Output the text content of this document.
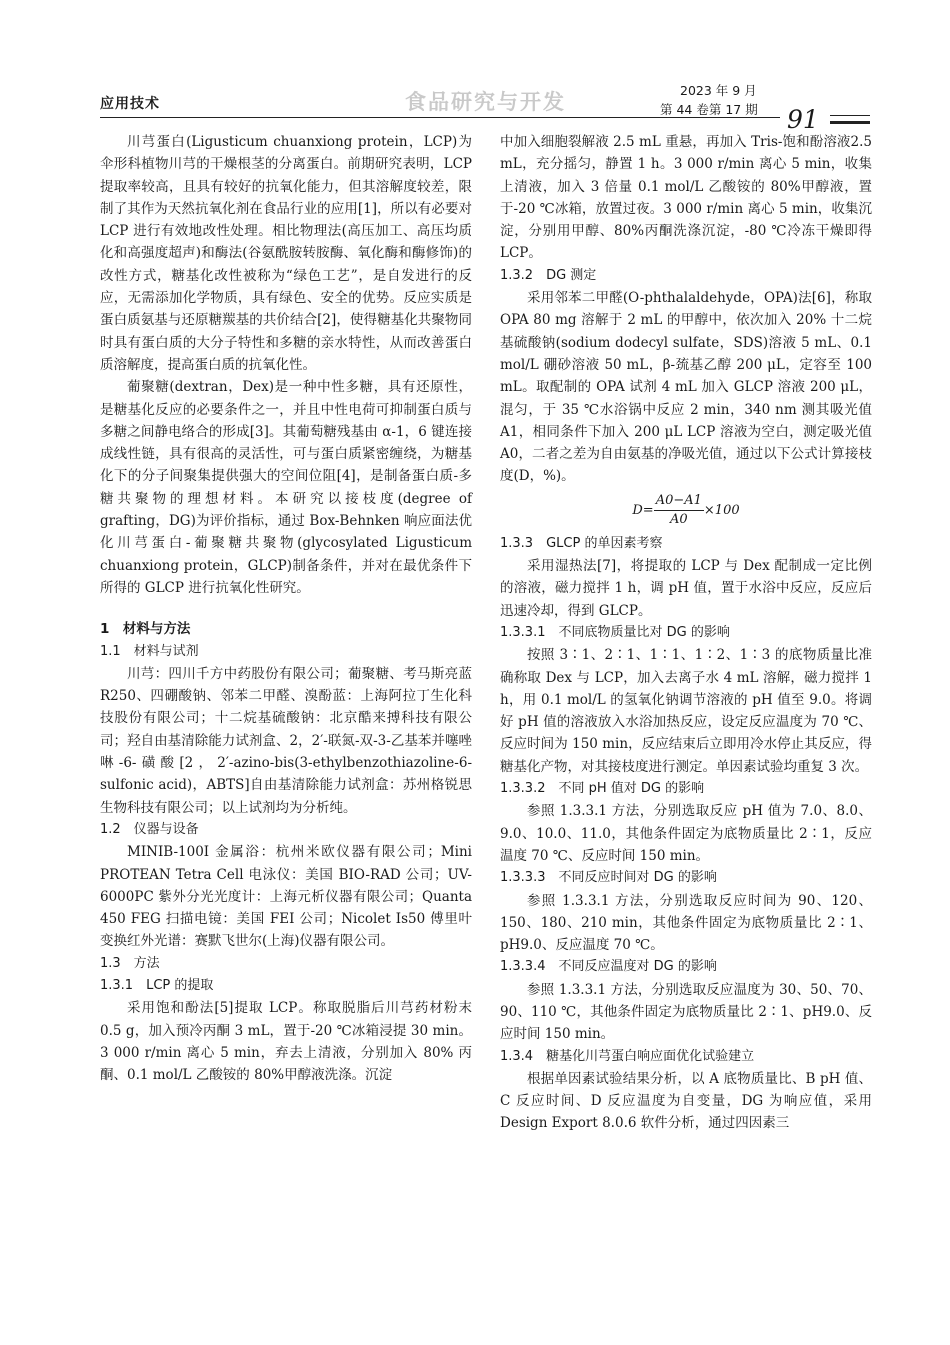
应用技术	食品研究与开发	2023 年 9 月
第 44 卷第 17 期 91

川芎蛋白(Ligusticum chuanxiong protein，LCP)为伞形科植物川芎的干燥根茎的分离蛋白。前期研究表明，LCP 提取率较高，且具有较好的抗氧化能力，但其溶解度较差，限制了其作为天然抗氧化剂在食品行业的应用[1]，所以有必要对 LCP 进行有效地改性处理。相比物理法(高压加工、高压均质化和高强度超声)和酶法(谷氨酰胺转胺酶、氧化酶和酶修饰)的改性方式，糖基化改性被称为“绿色工艺”，是自发进行的反应，无需添加化学物质，具有绿色、安全的优势。反应实质是蛋白质氨基与还原糖羰基的共价结合[2]，使得糖基化共聚物同时具有蛋白质的大分子特性和多糖的亲水特性，从而改善蛋白质溶解度，提高蛋白质的抗氧化性。

葡聚糖(dextran，Dex)是一种中性多糖，具有还原性，是糖基化反应的必要条件之一，并且中性电荷可抑制蛋白质与多糖之间静电络合的形成[3]。其葡萄糖残基由 α-1，6 键连接成线性链，具有很高的灵活性，可与蛋白质紧密缠绕，为糖基化下的分子间聚集提供强大的空间位阻[4]，是制备蛋白质-多糖共聚物的理想材料。本研究以接枝度(degree of grafting，DG)为评价指标，通过 Box-Behnken 响应面法优化川芎蛋白-葡聚糖共聚物(glycosylated Ligusticum chuanxiong protein，GLCP)制备条件，并对在最优条件下所得的 GLCP 进行抗氧化性研究。

1　材料与方法
1.1　材料与试剂

川芎：四川千方中药股份有限公司；葡聚糖、考马斯亮蓝 R250、四硼酸钠、邻苯二甲醛、溴酚蓝：上海阿拉丁生化科技股份有限公司；十二烷基硫酸钠：北京酷来搏科技有限公司；羟自由基清除能力试剂盒、2，2′-联氮-双-3-乙基苯并噻唑啉-6-磺酸[2，2′-azino-bis(3-ethylbenzothiazoline-6-sulfonic acid)，ABTS]自由基清除能力试剂盒：苏州格锐思生物科技有限公司；以上试剂均为分析纯。

1.2　仪器与设备

MINIB-100I 金属浴：杭州米欧仪器有限公司；Mini PROTEAN Tetra Cell 电泳仪：美国 BIO-RAD 公司；UV-6000PC 紫外分光光度计：上海元析仪器有限公司；Quanta 450 FEG 扫描电镜：美国 FEI 公司；Nicolet Is50 傅里叶变换红外光谱：赛默飞世尔(上海)仪器有限公司。

1.3　方法
1.3.1　LCP 的提取

采用饱和酚法[5]提取 LCP。称取脱脂后川芎药材粉末 0.5 g，加入预冷丙酮 3 mL，置于-20 ℃冰箱浸提 30 min。3 000 r/min 离心 5 min，弃去上清液，分别加入 80% 丙酮、0.1 mol/L 乙酸铵的 80%甲醇液洗涤。沉淀

中加入细胞裂解液 2.5 mL 重悬，再加入 Tris-饱和酚溶液2.5 mL，充分摇匀，静置 1 h。3 000 r/min 离心 5 min，收集上清液，加入 3 倍量 0.1 mol/L 乙酸铵的 80%甲醇液，置于-20 ℃冰箱，放置过夜。3 000 r/min 离心 5 min，收集沉淀，分别用甲醇、80%丙酮洗涤沉淀，-80 ℃冷冻干燥即得 LCP。

1.3.2　DG 测定

采用邻苯二甲醛(O-phthalaldehyde，OPA)法[6]，称取 OPA 80 mg 溶解于 2 mL 的甲醇中，依次加入 20% 十二烷基硫酸钠(sodium dodecyl sulfate，SDS)溶液 5 mL、0.1 mol/L 硼砂溶液 50 mL，β-巯基乙醇 200 μL，定容至 100 mL。取配制的 OPA 试剂 4 mL 加入 GLCP 溶液 200 μL，混匀，于 35 ℃水浴锅中反应 2 min，340 nm 测其吸光值 A1，相同条件下加入 200 μL LCP 溶液为空白，测定吸光值 A0，二者之差为自由氨基的净吸光值，通过以下公式计算接枝度(D，%)。

$D= \frac{A0-A1}{A0} \times 100$
1.3.3　GLCP 的单因素考察

采用湿热法[7]，将提取的 LCP 与 Dex 配制成一定比例的溶液，磁力搅拌 1 h，调 pH 值，置于水浴中反应，反应后迅速冷却，得到 GLCP。

1.3.3.1　不同底物质量比对 DG 的影响

按照 3∶1、2∶1、1∶1、1∶2、1∶3 的底物质量比准确称取 Dex 与 LCP，加入去离子水 4 mL 溶解，磁力搅拌 1 h，用 0.1 mol/L 的氢氧化钠调节溶液的 pH 值至 9.0。将调好 pH 值的溶液放入水浴加热反应，设定反应温度为 70 ℃、反应时间为 150 min，反应结束后立即用冷水停止其反应，得糖基化产物，对其接枝度进行测定。单因素试验均重复 3 次。

1.3.3.2　不同 pH 值对 DG 的影响

参照 1.3.3.1 方法，分别选取反应 pH 值为 7.0、8.0、9.0、10.0、11.0，其他条件固定为底物质量比 2∶1，反应温度 70 ℃、反应时间 150 min。

1.3.3.3　不同反应时间对 DG 的影响

参照 1.3.3.1 方法，分别选取反应时间为 90、120、150、180、210 min，其他条件固定为底物质量比 2∶1、pH9.0、反应温度 70 ℃。

1.3.3.4　不同反应温度对 DG 的影响

参照 1.3.3.1 方法，分别选取反应温度为 30、50、70、90、110 ℃，其他条件固定为底物质量比 2∶1、pH9.0、反应时间 150 min。

1.3.4　糖基化川芎蛋白响应面优化试验建立

根据单因素试验结果分析，以 A 底物质量比、B pH 值、C 反应时间、D 反应温度为自变量，DG 为响应值，采用 Design Export 8.0.6 软件分析，通过四因素三
